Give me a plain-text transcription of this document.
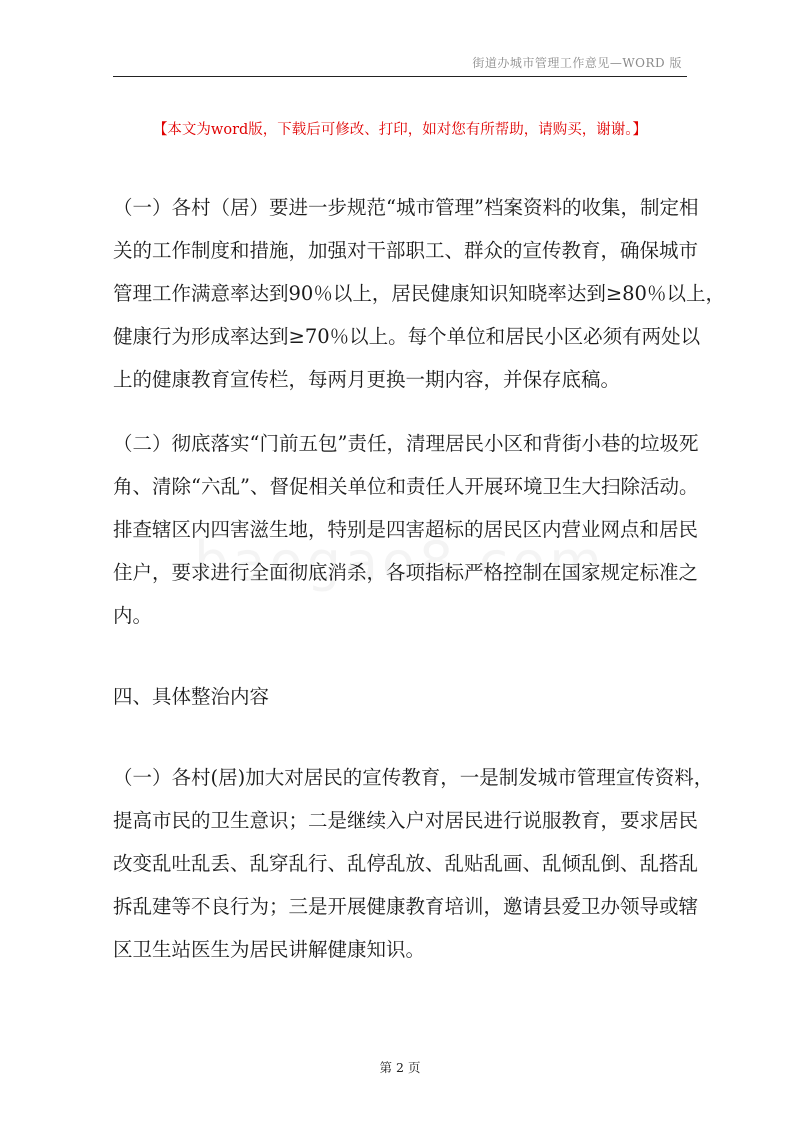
街道办城市管理工作意见—WORD 版
【本文为word版，下载后可修改、打印，如对您有所帮助，请购买，谢谢。】
（一）各村（居）要进一步规范“城市管理”档案资料的收集，制定相
关的工作制度和措施，加强对干部职工、群众的宣传教育，确保城市
管理工作满意率达到90％以上，居民健康知识知晓率达到≥80％以上，
健康行为形成率达到≥70％以上。每个单位和居民小区必须有两处以
上的健康教育宣传栏，每两月更换一期内容，并保存底稿。
（二）彻底落实“门前五包”责任，清理居民小区和背街小巷的垃圾死
角、清除“六乱”、督促相关单位和责任人开展环境卫生大扫除活动。
排查辖区内四害滋生地，特别是四害超标的居民区内营业网点和居民
住户，要求进行全面彻底消杀，各项指标严格控制在国家规定标准之
内。
四、具体整治内容
（一）各村(居)加大对居民的宣传教育，一是制发城市管理宣传资料，
提高市民的卫生意识；二是继续入户对居民进行说服教育，要求居民
改变乱吐乱丢、乱穿乱行、乱停乱放、乱贴乱画、乱倾乱倒、乱搭乱
拆乱建等不良行为；三是开展健康教育培训，邀请县爱卫办领导或辖
区卫生站医生为居民讲解健康知识。
第 2 页
